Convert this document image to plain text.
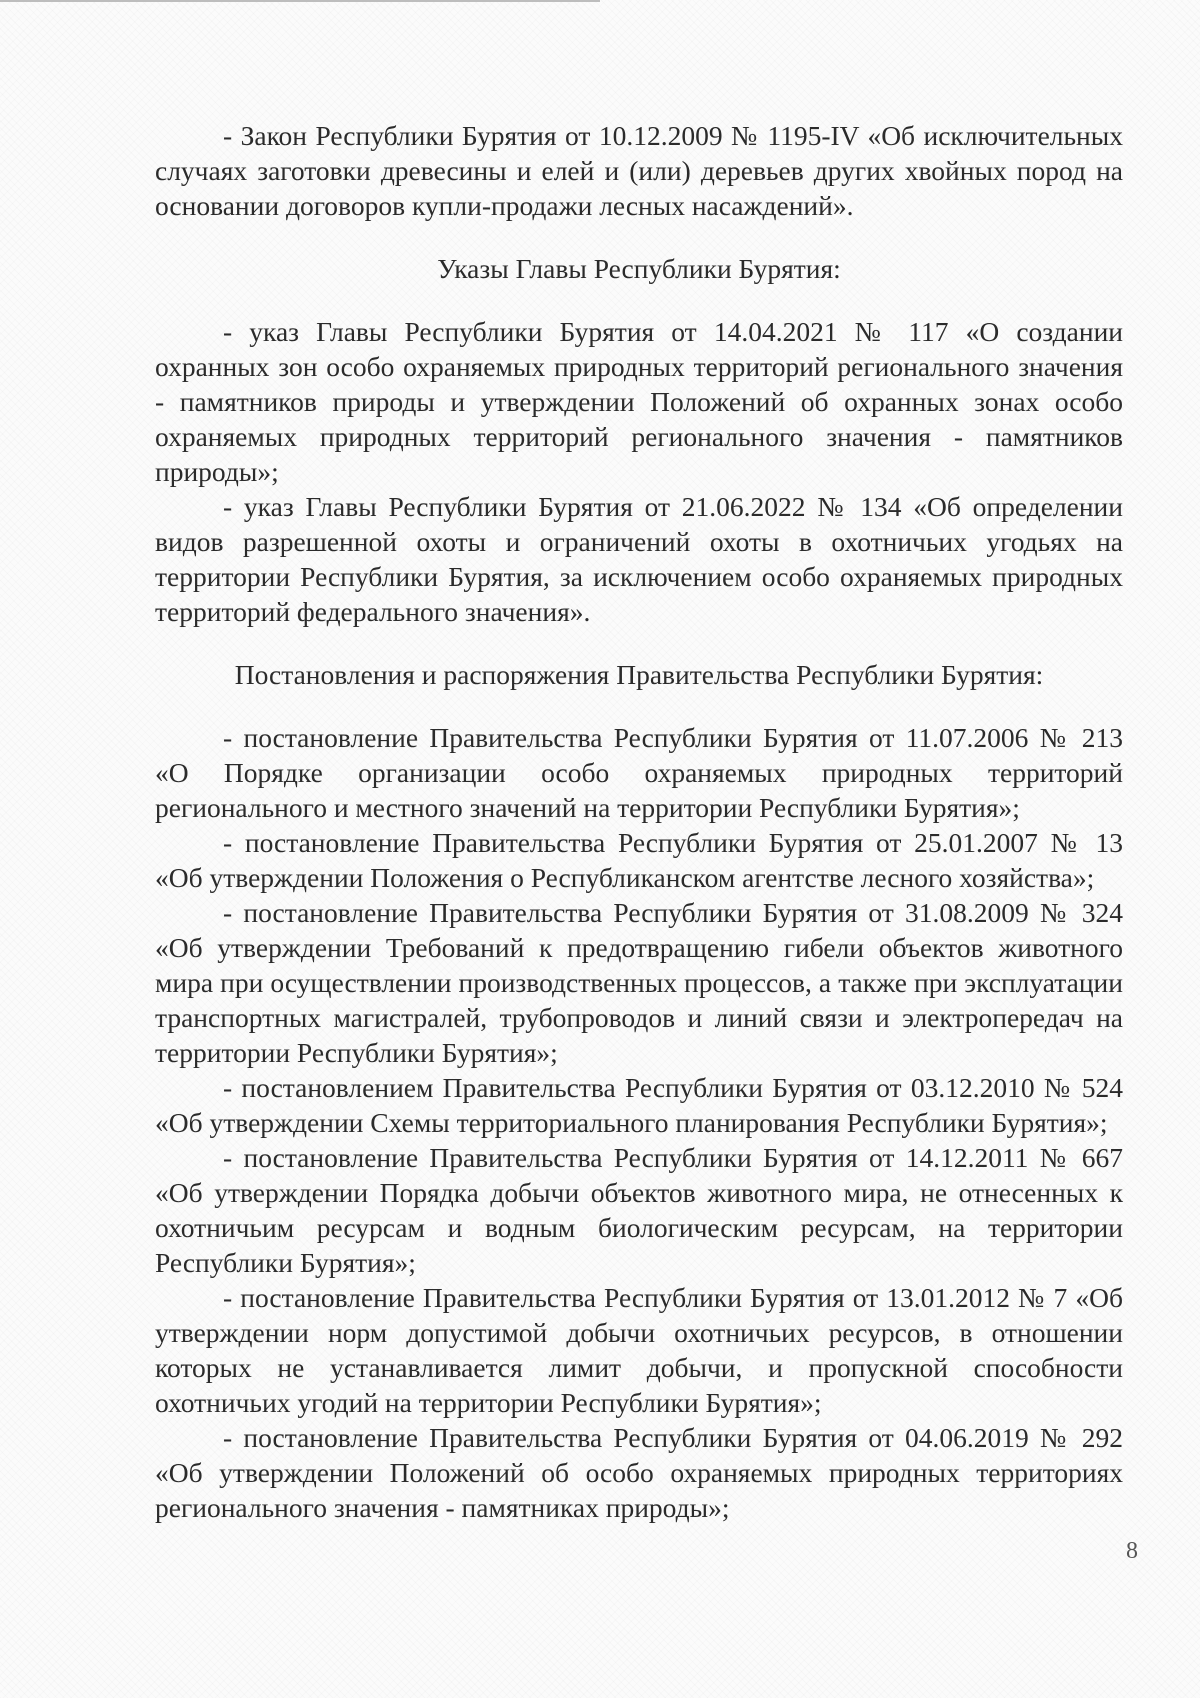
- Закон Республики Бурятия от 10.12.2009 № 1195-IV «Об исключительных случаях заготовки древесины и елей и (или) деревьев других хвойных пород на основании договоров купли-продажи лесных насаждений».

Указы Главы Республики Бурятия:

- указ Главы Республики Бурятия от 14.04.2021 № 117 «О создании охранных зон особо охраняемых природных территорий регионального значения - памятников природы и утверждении Положений об охранных зонах особо охраняемых природных территорий регионального значения - памятников природы»;

- указ Главы Республики Бурятия от 21.06.2022 № 134 «Об определении видов разрешенной охоты и ограничений охоты в охотничьих угодьях на территории Республики Бурятия, за исключением особо охраняемых природных территорий федерального значения».

Постановления и распоряжения Правительства Республики Бурятия:

- постановление Правительства Республики Бурятия от 11.07.2006 № 213 «О Порядке организации особо охраняемых природных территорий регионального и местного значений на территории Республики Бурятия»;

- постановление Правительства Республики Бурятия от 25.01.2007 № 13 «Об утверждении Положения о Республиканском агентстве лесного хозяйства»;

- постановление Правительства Республики Бурятия от 31.08.2009 № 324 «Об утверждении Требований к предотвращению гибели объектов животного мира при осуществлении производственных процессов, а также при эксплуатации транспортных магистралей, трубопроводов и линий связи и электропередач на территории Республики Бурятия»;

- постановлением Правительства Республики Бурятия от 03.12.2010 № 524 «Об утверждении Схемы территориального планирования Республики Бурятия»;

- постановление Правительства Республики Бурятия от 14.12.2011 № 667 «Об утверждении Порядка добычи объектов животного мира, не отнесенных к охотничьим ресурсам и водным биологическим ресурсам, на территории Республики Бурятия»;

- постановление Правительства Республики Бурятия от 13.01.2012 № 7 «Об утверждении норм допустимой добычи охотничьих ресурсов, в отношении которых не устанавливается лимит добычи, и пропускной способности охотничьих угодий на территории Республики Бурятия»;

- постановление Правительства Республики Бурятия от 04.06.2019 № 292 «Об утверждении Положений об особо охраняемых природных территориях регионального значения - памятниках природы»;

8
